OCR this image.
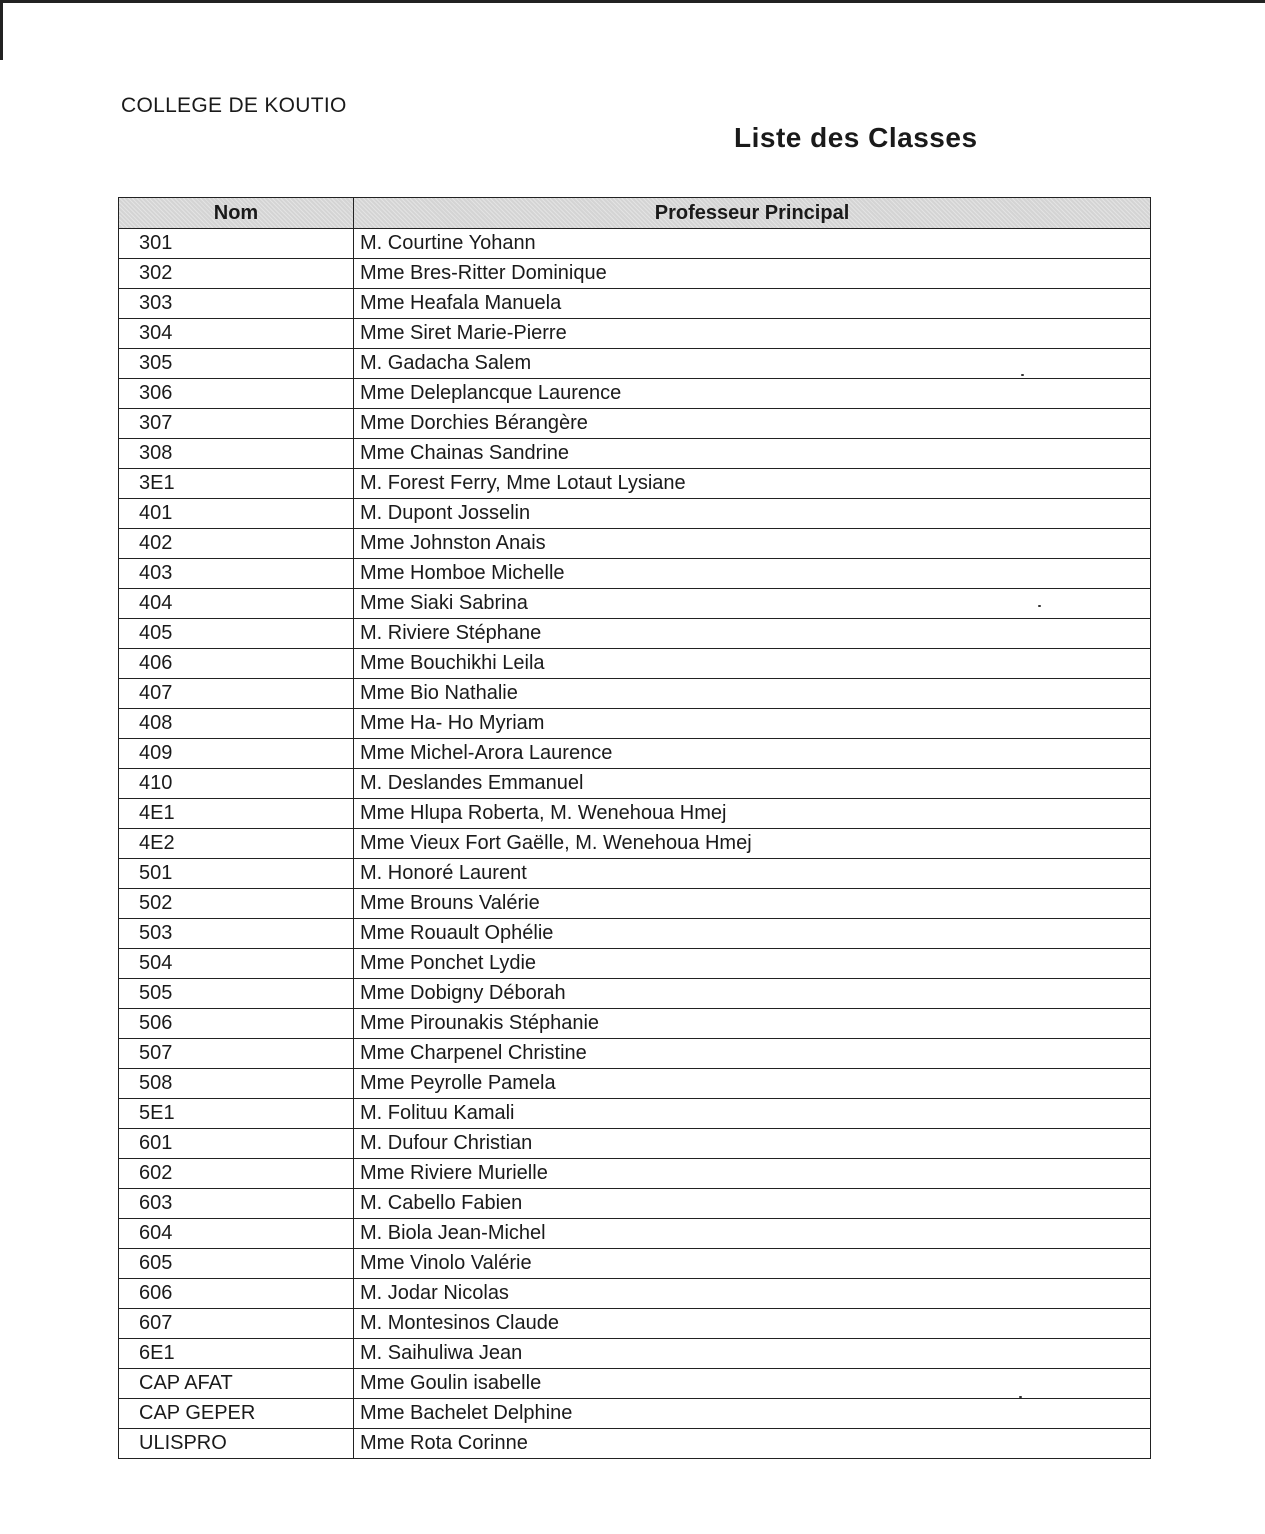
COLLEGE DE KOUTIO
Liste des Classes
Nom	Professeur Principal
301	M. Courtine Yohann
302	Mme Bres-Ritter Dominique
303	Mme Heafala Manuela
304	Mme Siret Marie-Pierre
305	M. Gadacha Salem
306	Mme Deleplancque Laurence
307	Mme Dorchies Bérangère
308	Mme Chainas Sandrine
3E1	M. Forest Ferry, Mme Lotaut Lysiane
401	M. Dupont Josselin
402	Mme Johnston Anais
403	Mme Homboe Michelle
404	Mme Siaki Sabrina
405	M. Riviere Stéphane
406	Mme Bouchikhi Leila
407	Mme Bio Nathalie
408	Mme Ha- Ho Myriam
409	Mme Michel-Arora Laurence
410	M. Deslandes Emmanuel
4E1	Mme Hlupa Roberta, M. Wenehoua Hmej
4E2	Mme Vieux Fort Gaëlle, M. Wenehoua Hmej
501	M. Honoré Laurent
502	Mme Brouns Valérie
503	Mme Rouault Ophélie
504	Mme Ponchet Lydie
505	Mme Dobigny Déborah
506	Mme Pirounakis Stéphanie
507	Mme Charpenel Christine
508	Mme Peyrolle Pamela
5E1	M. Folituu Kamali
601	M. Dufour Christian
602	Mme Riviere Murielle
603	M. Cabello Fabien
604	M. Biola Jean-Michel
605	Mme Vinolo Valérie
606	M. Jodar Nicolas
607	M. Montesinos Claude
6E1	M. Saihuliwa Jean
CAP AFAT	Mme Goulin isabelle
CAP GEPER	Mme Bachelet Delphine
ULISPRO	Mme Rota Corinne
